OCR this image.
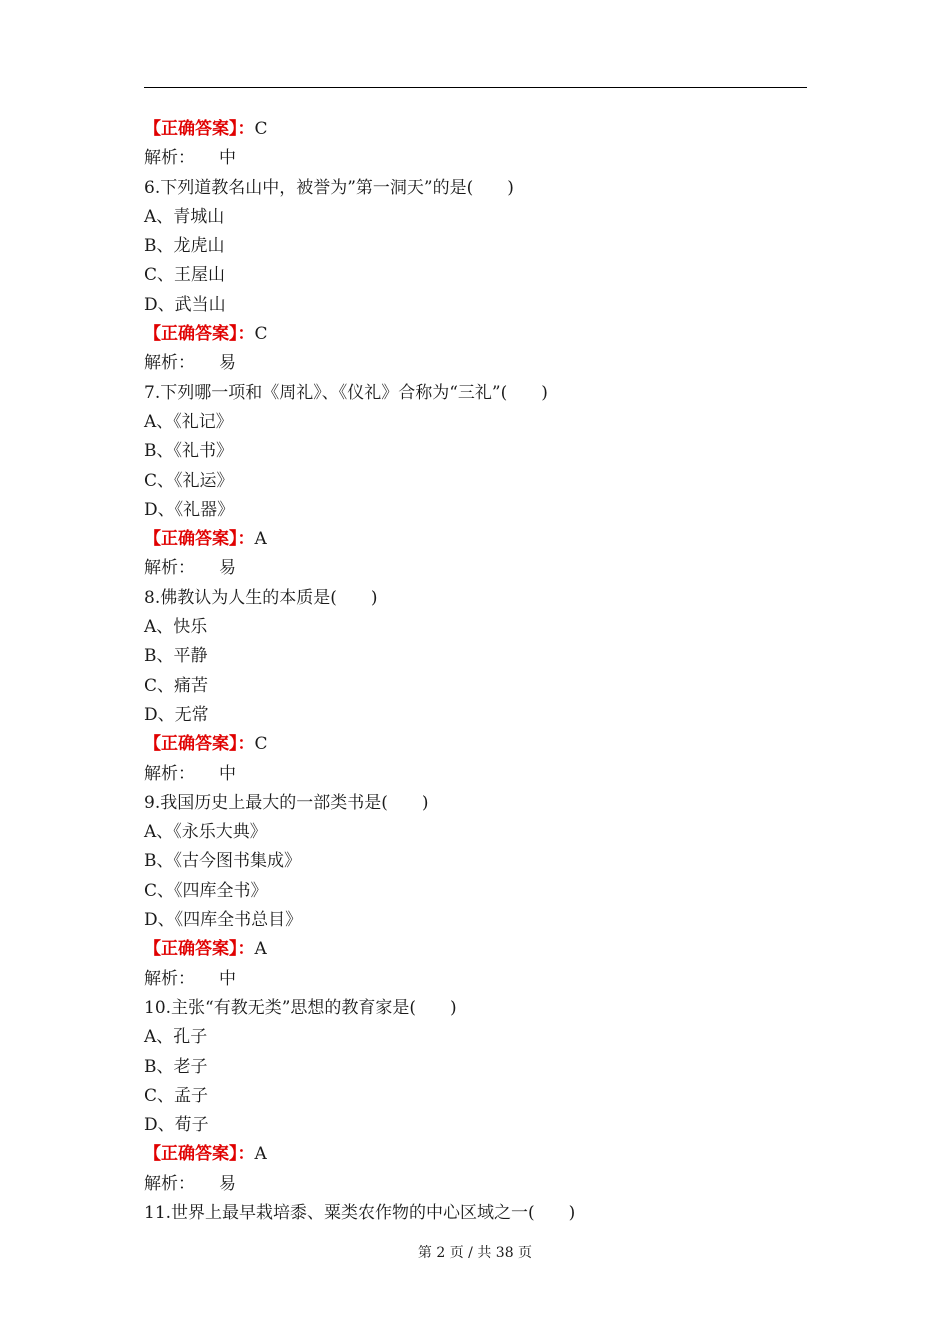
【正确答案】：C
解析： 中
6.下列道教名山中，被誉为”第一洞天”的是(　　)
A、青城山
B、龙虎山
C、王屋山
D、武当山
【正确答案】：C
解析： 易
7.下列哪一项和《周礼》、《仪礼》合称为“三礼”(　　)
A、《礼记》
B、《礼书》
C、《礼运》
D、《礼器》
【正确答案】：A
解析： 易
8.佛教认为人生的本质是(　　)
A、快乐
B、平静
C、痛苦
D、无常
【正确答案】：C
解析： 中
9.我国历史上最大的一部类书是(　　)
A、《永乐大典》
B、《古今图书集成》
C、《四库全书》
D、《四库全书总目》
【正确答案】：A
解析： 中
10.主张“有教无类”思想的教育家是(　　)
A、孔子
B、老子
C、孟子
D、荀子
【正确答案】：A
解析： 易
11.世界上最早栽培黍、粟类农作物的中心区域之一(　　)
第 2 页 / 共 38 页
